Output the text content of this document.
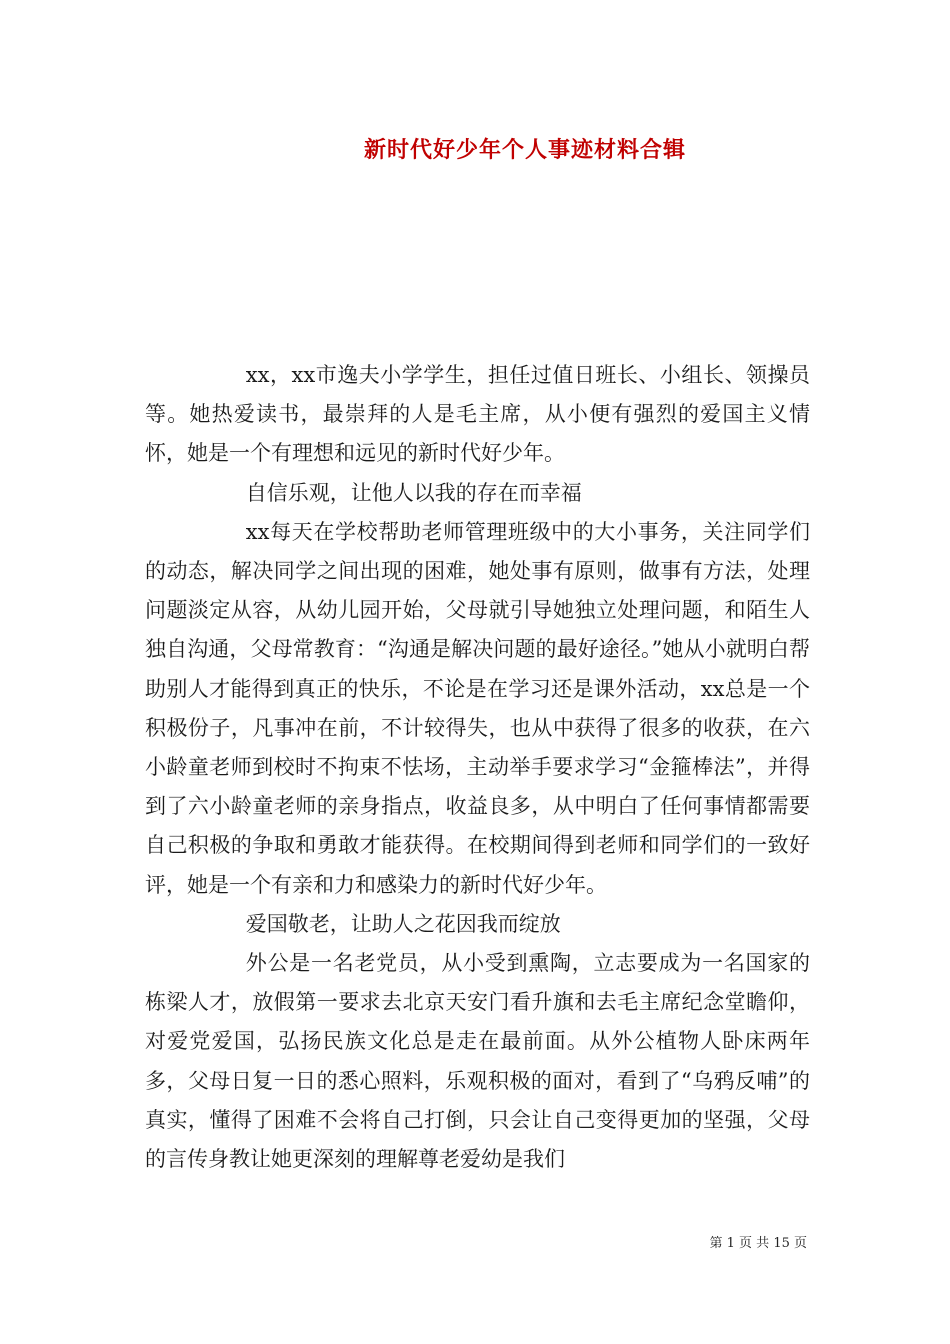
新时代好少年个人事迹材料合辑

xx，xx市逸夫小学学生，担任过值日班长、小组长、领操员等。她热爱读书，最崇拜的人是毛主席，从小便有强烈的爱国主义情怀，她是一个有理想和远见的新时代好少年。

自信乐观，让他人以我的存在而幸福

xx每天在学校帮助老师管理班级中的大小事务，关注同学们的动态，解决同学之间出现的困难，她处事有原则，做事有方法，处理问题淡定从容，从幼儿园开始，父母就引导她独立处理问题，和陌生人独自沟通，父母常教育：“沟通是解决问题的最好途径。”她从小就明白帮助别人才能得到真正的快乐，不论是在学习还是课外活动，xx总是一个积极份子，凡事冲在前，不计较得失，也从中获得了很多的收获，在六小龄童老师到校时不拘束不怯场，主动举手要求学习“金箍棒法”，并得到了六小龄童老师的亲身指点，收益良多，从中明白了任何事情都需要自己积极的争取和勇敢才能获得。在校期间得到老师和同学们的一致好评，她是一个有亲和力和感染力的新时代好少年。

爱国敬老，让助人之花因我而绽放

外公是一名老党员，从小受到熏陶，立志要成为一名国家的栋梁人才，放假第一要求去北京天安门看升旗和去毛主席纪念堂瞻仰，对爱党爱国，弘扬民族文化总是走在最前面。从外公植物人卧床两年多，父母日复一日的悉心照料，乐观积极的面对，看到了“乌鸦反哺”的真实，懂得了困难不会将自己打倒，只会让自己变得更加的坚强，父母的言传身教让她更深刻的理解尊老爱幼是我们

第 1 页 共 15 页
